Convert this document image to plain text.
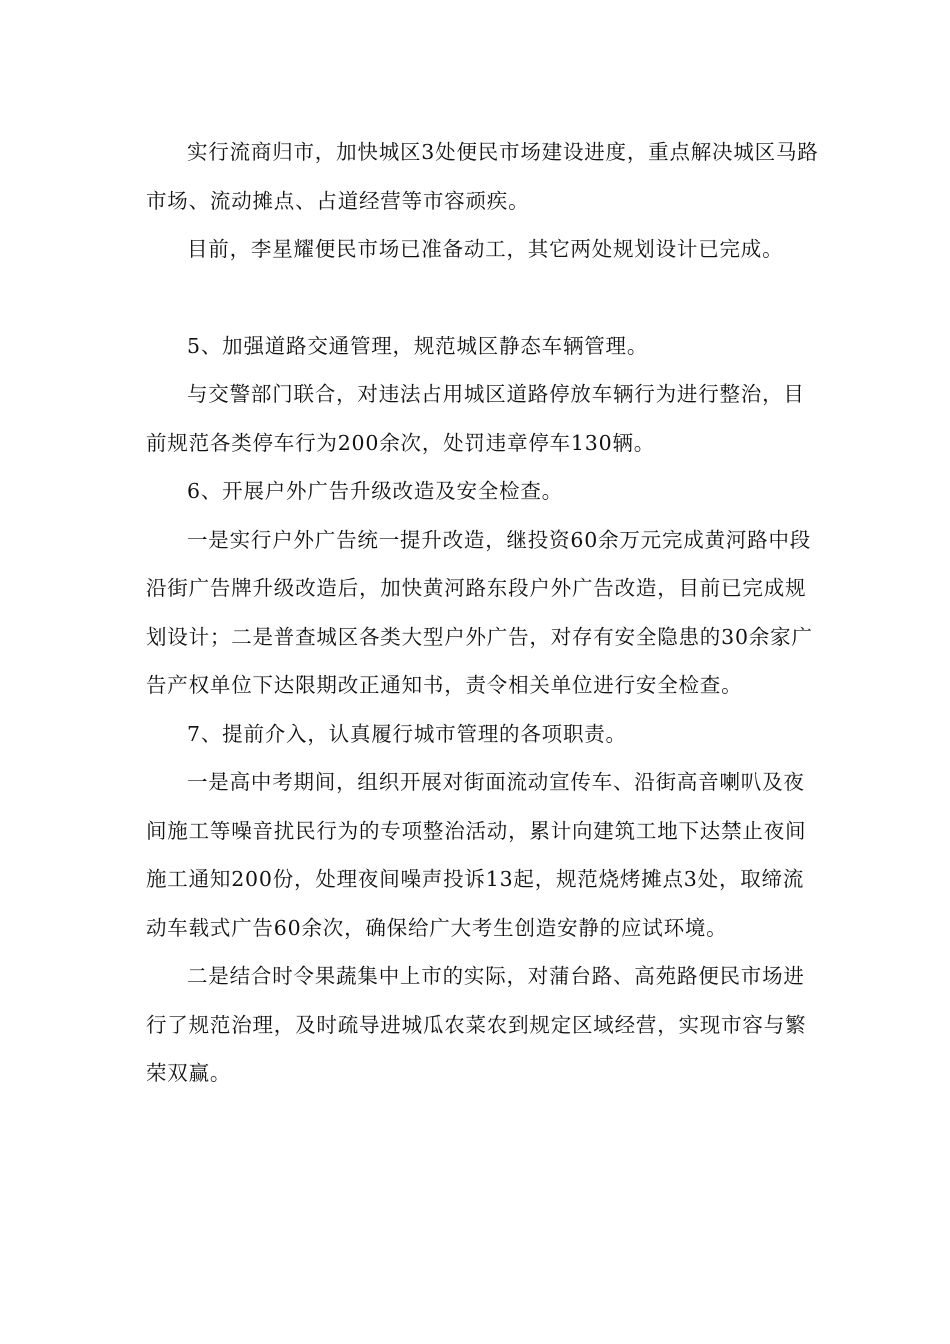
实行流商归市，加快城区3处便民市场建设进度，重点解决城区马路市场、流动摊点、占道经营等市容顽疾。

目前，李星耀便民市场已准备动工，其它两处规划设计已完成。

5、加强道路交通管理，规范城区静态车辆管理。

与交警部门联合，对违法占用城区道路停放车辆行为进行整治，目前规范各类停车行为200余次，处罚违章停车130辆。

6、开展户外广告升级改造及安全检查。

一是实行户外广告统一提升改造，继投资60余万元完成黄河路中段沿街广告牌升级改造后，加快黄河路东段户外广告改造，目前已完成规划设计；二是普查城区各类大型户外广告，对存有安全隐患的30余家广告产权单位下达限期改正通知书，责令相关单位进行安全检查。

7、提前介入，认真履行城市管理的各项职责。

一是高中考期间，组织开展对街面流动宣传车、沿街高音喇叭及夜间施工等噪音扰民行为的专项整治活动，累计向建筑工地下达禁止夜间施工通知200份，处理夜间噪声投诉13起，规范烧烤摊点3处，取缔流动车载式广告60余次，确保给广大考生创造安静的应试环境。

二是结合时令果蔬集中上市的实际，对蒲台路、高苑路便民市场进行了规范治理，及时疏导进城瓜农菜农到规定区域经营，实现市容与繁荣双赢。
